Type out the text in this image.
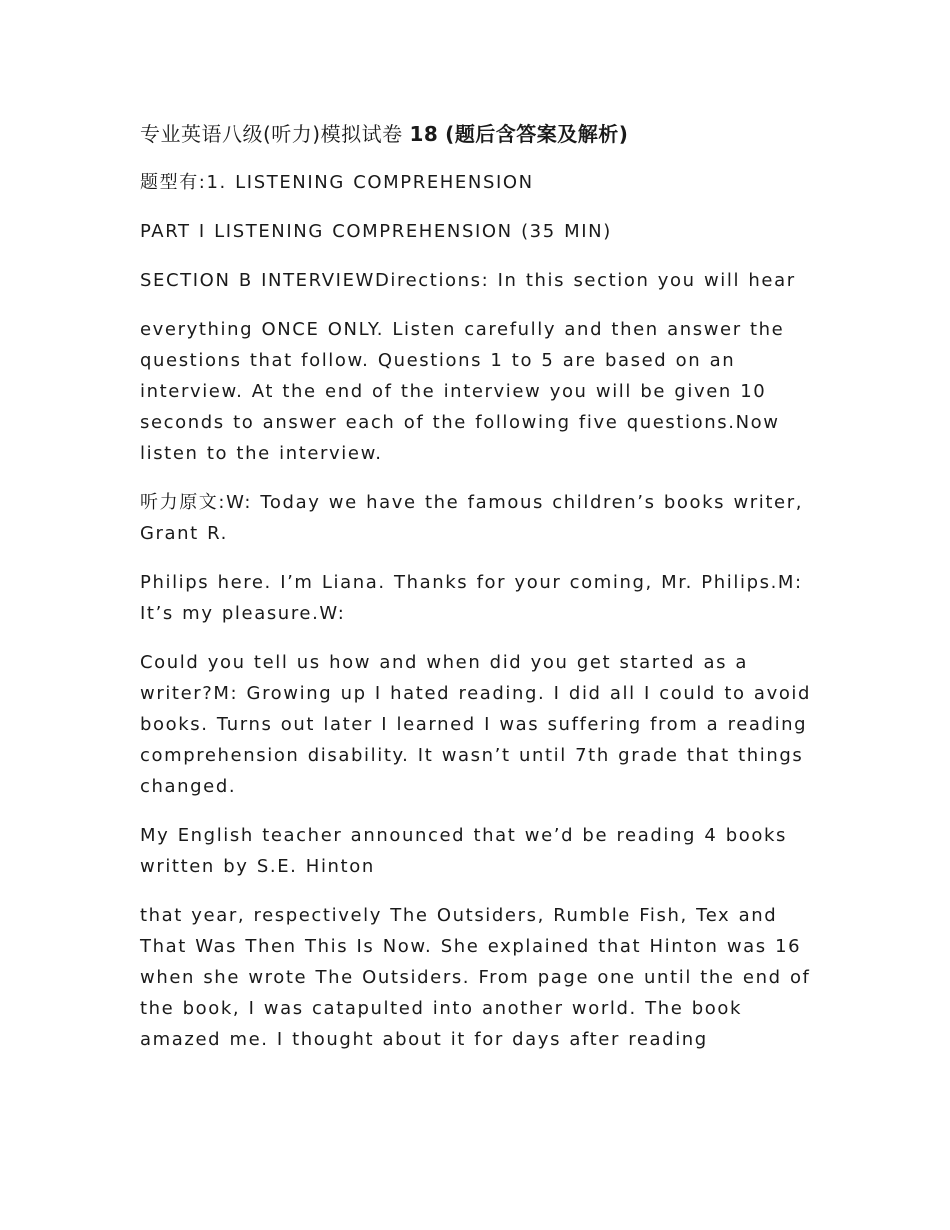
专业英语八级(听力)模拟试卷 18 (题后含答案及解析)

题型有:1. LISTENING COMPREHENSION

PART I LISTENING COMPREHENSION (35 MIN)

SECTION B INTERVIEWDirections: In this section you will hear

everything ONCE ONLY. Listen carefully and then answer the questions that follow. Questions 1 to 5 are based on an interview. At the end of the interview you will be given 10 seconds to answer each of the following five questions.Now listen to the interview.

听力原文:W: Today we have the famous children’s books writer, Grant R.

Philips here. I’m Liana. Thanks for your coming, Mr. Philips.M: It’s my pleasure.W:

Could you tell us how and when did you get started as a writer?M: Growing up I hated reading. I did all I could to avoid books. Turns out later I learned I was suffering from a reading comprehension disability. It wasn’t until 7th grade that things changed.

My English teacher announced that we’d be reading 4 books written by S.E. Hinton

that year, respectively The Outsiders, Rumble Fish, Tex and That Was Then This Is Now. She explained that Hinton was 16 when she wrote The Outsiders. From page one until the end of the book, I was catapulted into another world. The book amazed me. I thought about it for days after reading
